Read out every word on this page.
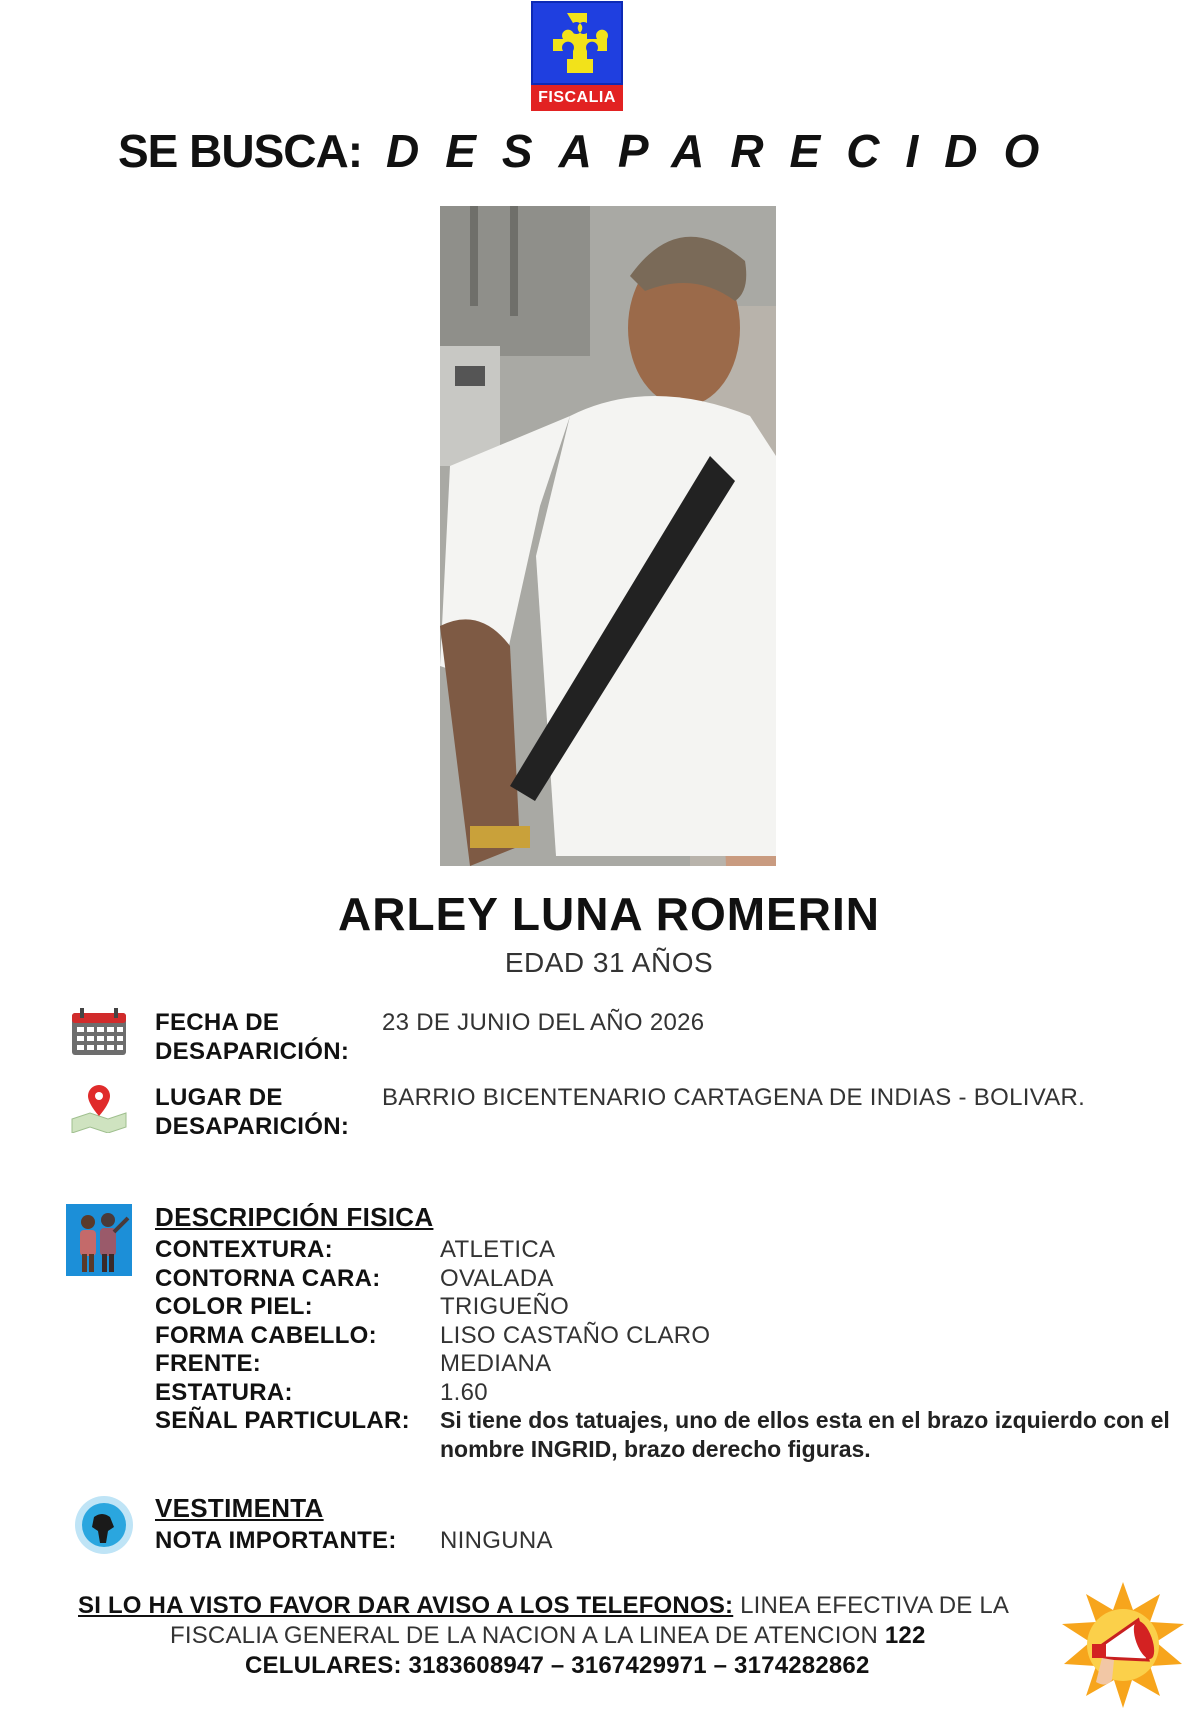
FISCALIA
SE BUSCA: DESAPARECIDO
ARLEY LUNA ROMERIN
EDAD 31 AÑOS
FECHA DE
DESAPARICIÓN:
23 DE JUNIO DEL AÑO 2026
LUGAR DE
DESAPARICIÓN:
BARRIO BICENTENARIO CARTAGENA DE INDIAS - BOLIVAR.
DESCRIPCIÓN FISICA
CONTEXTURA:	ATLETICA
CONTORNA CARA: OVALADA
COLOR PIEL:	TRIGUEÑO
FORMA CABELLO:	LISO CASTAÑO CLARO
FRENTE:	MEDIANA
ESTATURA:	1.60
SEÑAL PARTICULAR: Si tiene dos tatuajes, uno de ellos esta en el brazo izquierdo con el nombre INGRID, brazo derecho figuras.
VESTIMENTA
NOTA IMPORTANTE: NINGUNA
SI LO HA VISTO FAVOR DAR AVISO A LOS TELEFONOS: LINEA EFECTIVA DE LA
FISCALIA GENERAL DE LA NACION A LA LINEA DE ATENCION 122
CELULARES: 3183608947 – 3167429971 – 3174282862
